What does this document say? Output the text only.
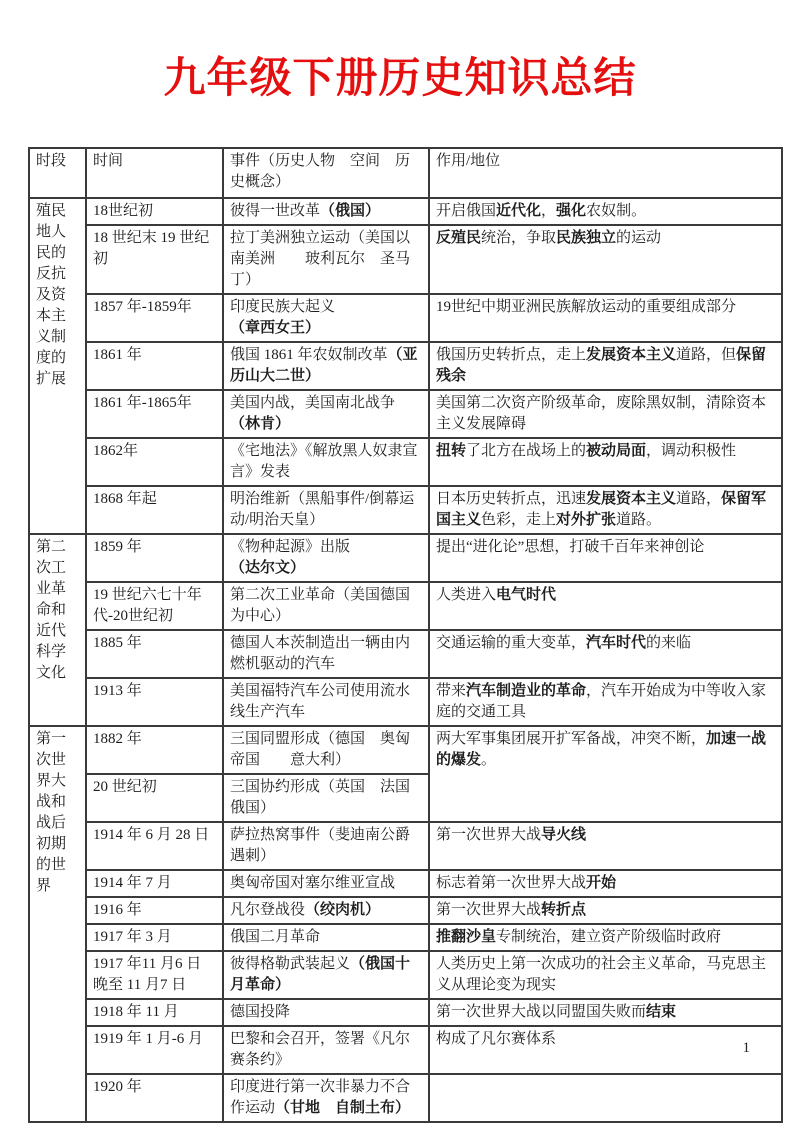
九年级下册历史知识总结
时段	时间	事件（历史人物　空间　历史概念）	作用/地位
殖民地人民的反抗及资本主义制度的扩展	18世纪初	彼得一世改革（俄国）	开启俄国近代化，强化农奴制。
	18 世纪末 19 世纪初	拉丁美洲独立运动（美国以南美洲　　玻利瓦尔　圣马丁）	反殖民统治，争取民族独立的运动
	1857 年-1859年	印度民族大起义（章西女王）	19世纪中期亚洲民族解放运动的重要组成部分
	1861 年	俄国 1861 年农奴制改革（亚历山大二世）	俄国历史转折点，走上发展资本主义道路，但保留残余
	1861 年-1865年	美国内战，美国南北战争（林肯）	美国第二次资产阶级革命，废除黑奴制，清除资本主义发展障碍
	1862年	《宅地法》《解放黑人奴隶宣言》发表	扭转了北方在战场上的被动局面，调动积极性
	1868 年起	明治维新（黑船事件/倒幕运动/明治天皇）	日本历史转折点，迅速发展资本主义道路，保留军国主义色彩，走上对外扩张道路。
第二次工业革命和近代科学文化	1859 年	《物种起源》出版（达尔文）	提出“进化论”思想，打破千百年来神创论
	19 世纪六七十年代-20世纪初	第二次工业革命（美国德国为中心）	人类进入电气时代
	1885 年	德国人本茨制造出一辆由内燃机驱动的汽车	交通运输的重大变革，汽车时代的来临
	1913 年	美国福特汽车公司使用流水线生产汽车	带来汽车制造业的革命，汽车开始成为中等收入家庭的交通工具
第一次世界大战和战后初期的世界	1882 年	三国同盟形成（德国　奥匈帝国　　意大利）	两大军事集团展开扩军备战，冲突不断，加速一战的爆发。
	20 世纪初	三国协约形成（英国　法国俄国）	
	1914 年 6 月 28 日	萨拉热窝事件（斐迪南公爵遇刺）	第一次世界大战导火线
	1914 年 7 月	奥匈帝国对塞尔维亚宣战	标志着第一次世界大战开始
	1916 年	凡尔登战役（绞肉机）	第一次世界大战转折点
	1917 年 3 月	俄国二月革命	推翻沙皇专制统治，建立资产阶级临时政府
	1917 年11 月6 日晚至 11 月7 日	彼得格勒武装起义（俄国十月革命）	人类历史上第一次成功的社会主义革命，马克思主义从理论变为现实
	1918 年 11 月	德国投降	第一次世界大战以同盟国失败而结束
	1919 年 1 月-6 月	巴黎和会召开，签署《凡尔赛条约》	构成了凡尔赛体系
	1920 年	印度进行第一次非暴力不合作运动（甘地　自制土布）	
1
